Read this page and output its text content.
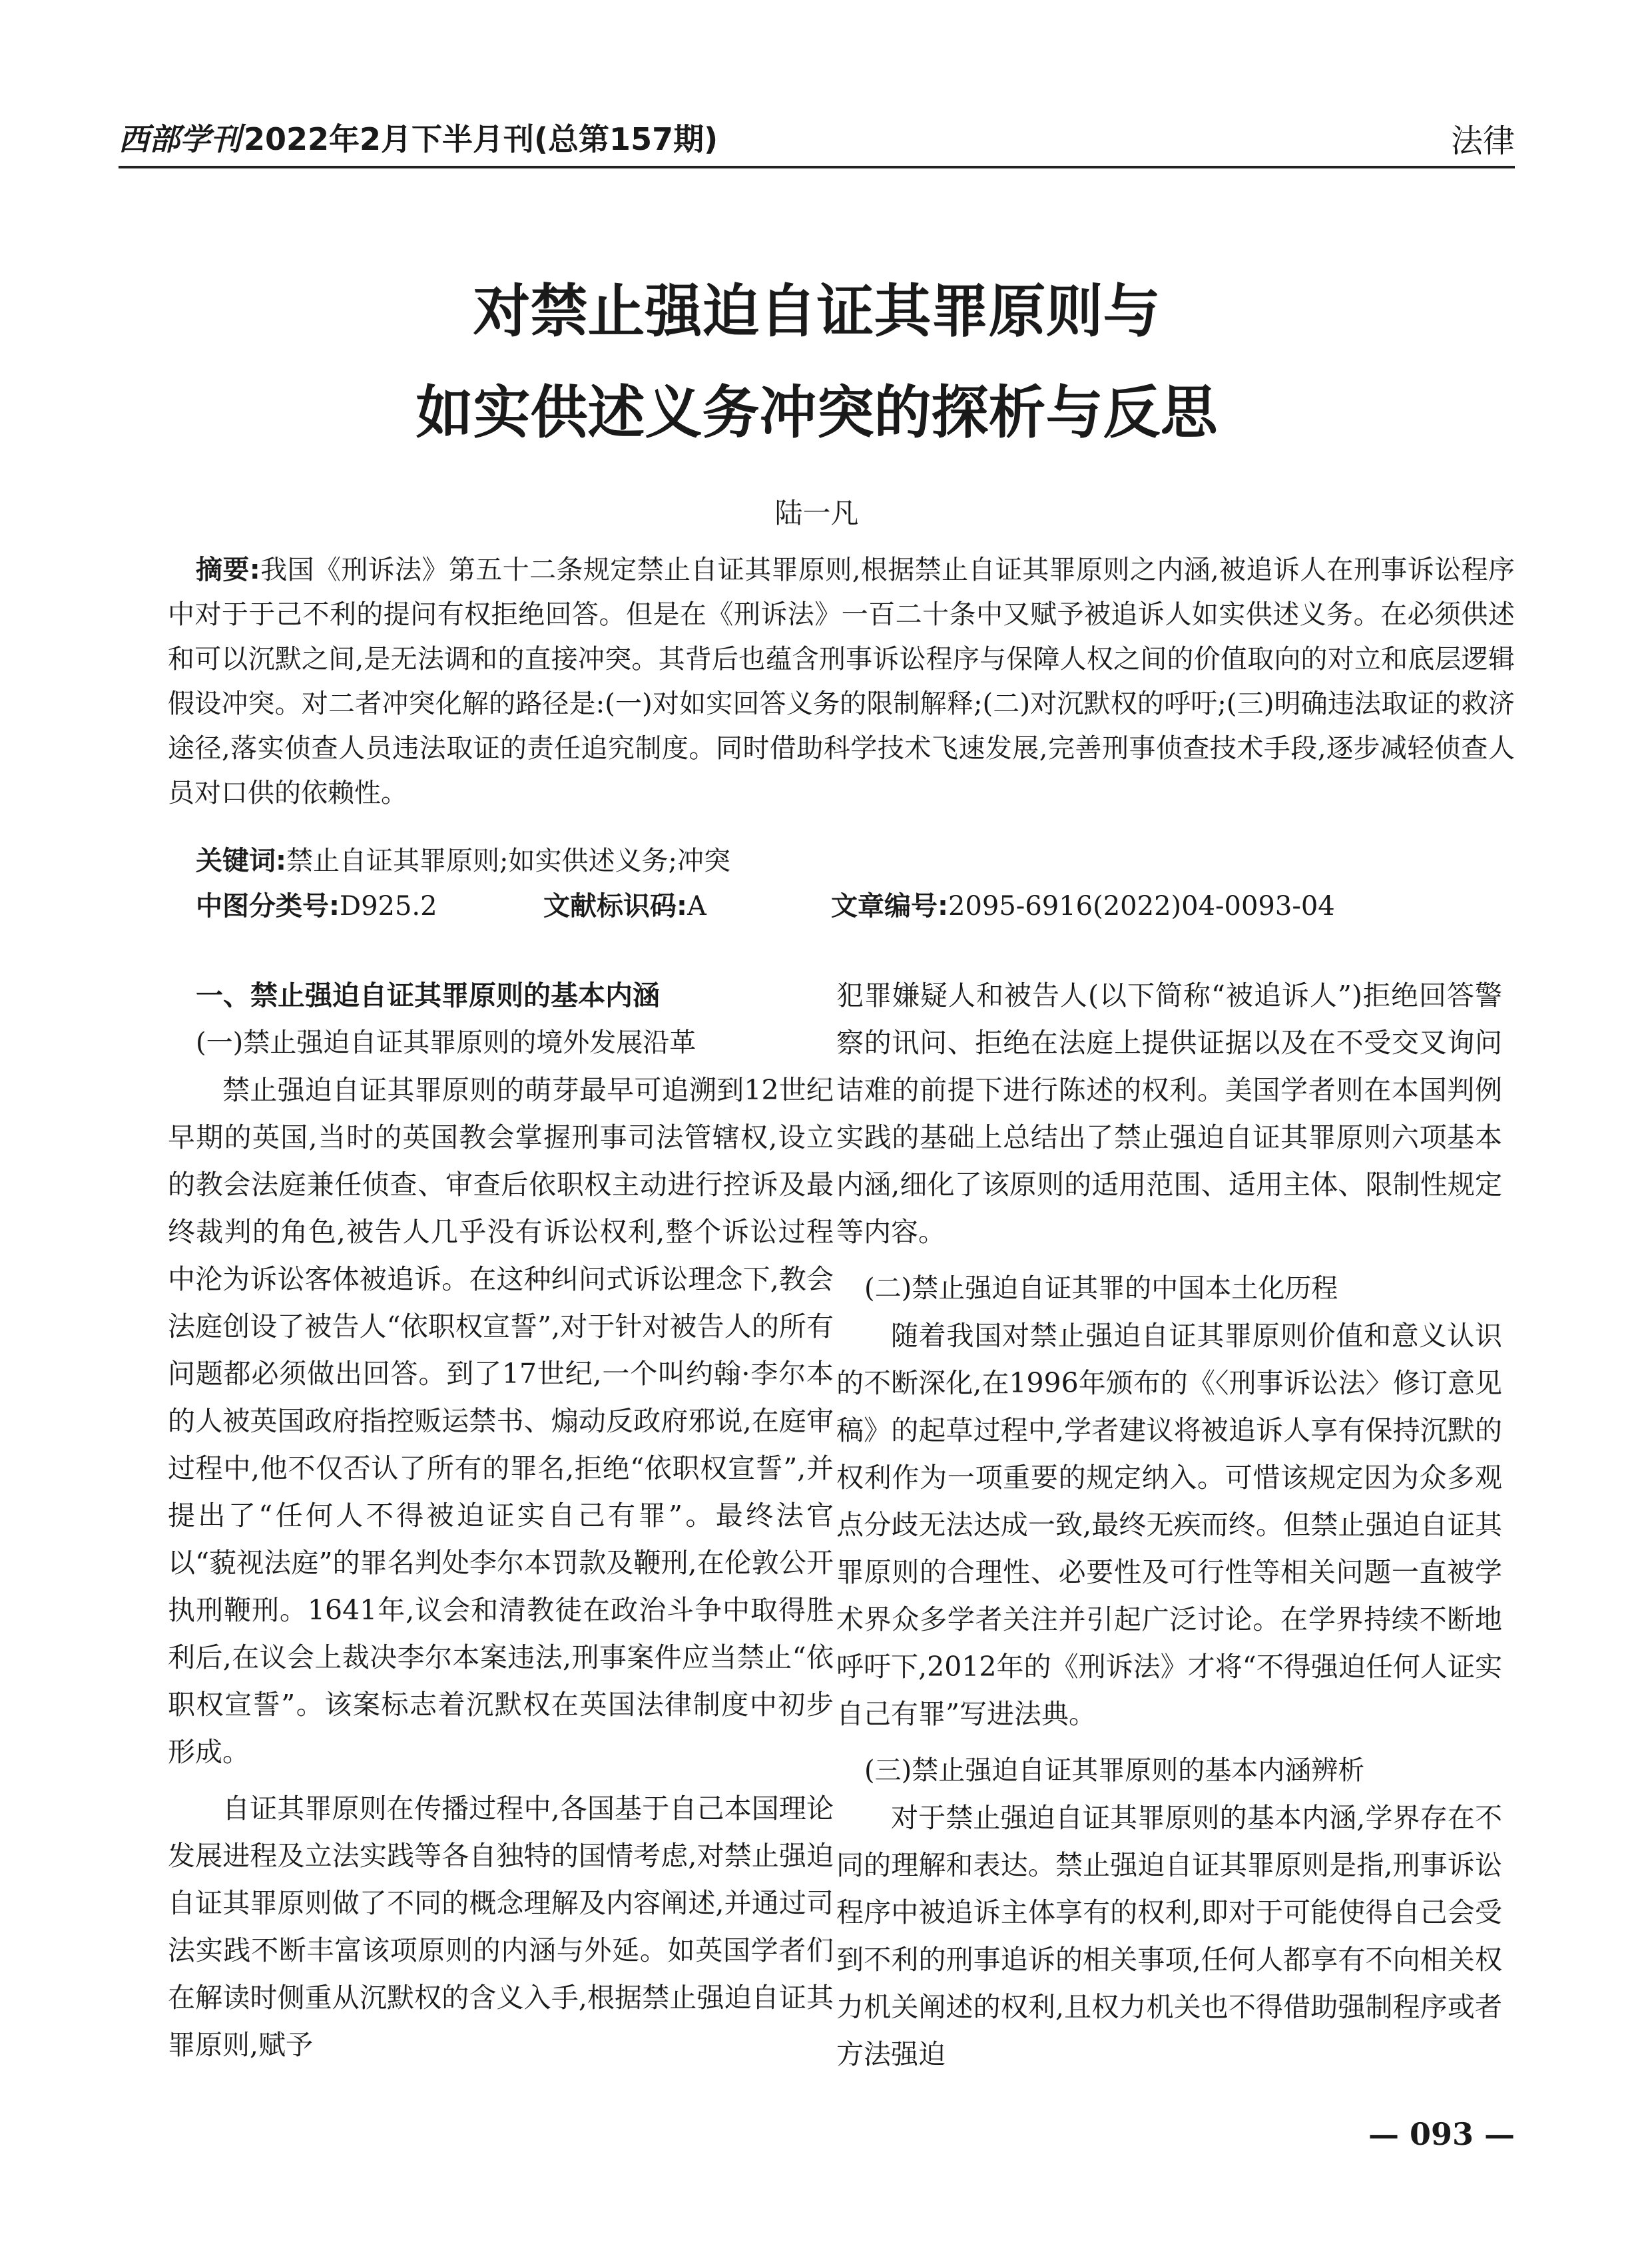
西部学刊2022年2月下半月刊(总第157期)	法律
对禁止强迫自证其罪原则与
如实供述义务冲突的探析与反思
陆一凡

摘要:我国《刑诉法》第五十二条规定禁止自证其罪原则,根据禁止自证其罪原则之内涵,被追诉人在刑事诉讼程序中对于于己不利的提问有权拒绝回答。但是在《刑诉法》一百二十条中又赋予被追诉人如实供述义务。在必须供述和可以沉默之间,是无法调和的直接冲突。其背后也蕴含刑事诉讼程序与保障人权之间的价值取向的对立和底层逻辑假设冲突。对二者冲突化解的路径是:(一)对如实回答义务的限制解释;(二)对沉默权的呼吁;(三)明确违法取证的救济途径,落实侦查人员违法取证的责任追究制度。同时借助科学技术飞速发展,完善刑事侦查技术手段,逐步减轻侦查人员对口供的依赖性。

关键词:禁止自证其罪原则;如实供述义务;冲突
中图分类号:D925.2	文献标识码:A	文章编号:2095-6916(2022)04-0093-04

一、禁止强迫自证其罪原则的基本内涵

(一)禁止强迫自证其罪原则的境外发展沿革

禁止强迫自证其罪原则的萌芽最早可追溯到12世纪早期的英国,当时的英国教会掌握刑事司法管辖权,设立的教会法庭兼任侦查、审查后依职权主动进行控诉及最终裁判的角色,被告人几乎没有诉讼权利,整个诉讼过程中沦为诉讼客体被追诉。在这种纠问式诉讼理念下,教会法庭创设了被告人“依职权宣誓”,对于针对被告人的所有问题都必须做出回答。到了17世纪,一个叫约翰·李尔本的人被英国政府指控贩运禁书、煽动反政府邪说,在庭审过程中,他不仅否认了所有的罪名,拒绝“依职权宣誓”,并提出了“任何人不得被迫证实自己有罪”。最终法官以“藐视法庭”的罪名判处李尔本罚款及鞭刑,在伦敦公开执刑鞭刑。1641年,议会和清教徒在政治斗争中取得胜利后,在议会上裁决李尔本案违法,刑事案件应当禁止“依职权宣誓”。该案标志着沉默权在英国法律制度中初步形成。

自证其罪原则在传播过程中,各国基于自己本国理论发展进程及立法实践等各自独特的国情考虑,对禁止强迫自证其罪原则做了不同的概念理解及内容阐述,并通过司法实践不断丰富该项原则的内涵与外延。如英国学者们在解读时侧重从沉默权的含义入手,根据禁止强迫自证其罪原则,赋予

犯罪嫌疑人和被告人(以下简称“被追诉人”)拒绝回答警察的讯问、拒绝在法庭上提供证据以及在不受交叉询问诘难的前提下进行陈述的权利。美国学者则在本国判例实践的基础上总结出了禁止强迫自证其罪原则六项基本内涵,细化了该原则的适用范围、适用主体、限制性规定等内容。

(二)禁止强迫自证其罪的中国本土化历程

随着我国对禁止强迫自证其罪原则价值和意义认识的不断深化,在1996年颁布的《〈刑事诉讼法〉修订意见稿》的起草过程中,学者建议将被追诉人享有保持沉默的权利作为一项重要的规定纳入。可惜该规定因为众多观点分歧无法达成一致,最终无疾而终。但禁止强迫自证其罪原则的合理性、必要性及可行性等相关问题一直被学术界众多学者关注并引起广泛讨论。在学界持续不断地呼吁下,2012年的《刑诉法》才将“不得强迫任何人证实自己有罪”写进法典。

(三)禁止强迫自证其罪原则的基本内涵辨析

对于禁止强迫自证其罪原则的基本内涵,学界存在不同的理解和表达。禁止强迫自证其罪原则是指,刑事诉讼程序中被追诉主体享有的权利,即对于可能使得自己会受到不利的刑事追诉的相关事项,任何人都享有不向相关权力机关阐述的权利,且权力机关也不得借助强制程序或者方法强迫

— 093 —
